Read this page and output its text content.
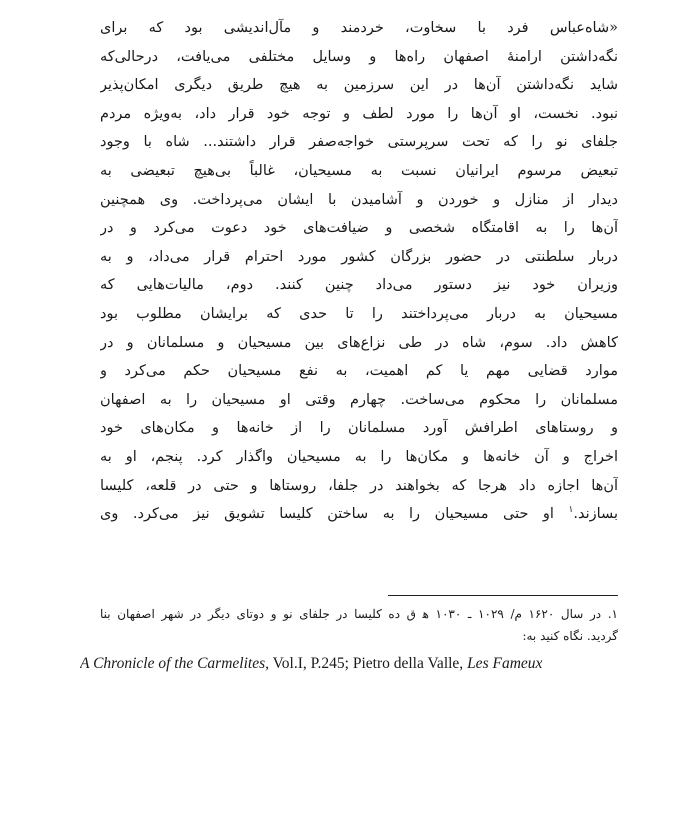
«شاه‌عباس فرد با سخاوت، خردمند و مآل‌اندیشی بود که برای
نگه‌داشتن ارامنهٔ اصفهان راه‌ها و وسایل مختلفی می‌یافت، درحالی‌که
شاید نگه‌داشتن آن‌ها در این سرزمین به هیچ طریق دیگری امکان‌پذیر
نبود. نخست، او آن‌ها را مورد لطف و توجه خود قرار داد، به‌ویژه مردم
جلفای نو را که تحت سرپرستی خواجه‌صفر قرار داشتند... شاه با وجود
تبعیض مرسوم ایرانیان نسبت به مسیحیان، غالباً بی‌هیچ تبعیضی به
دیدار از منازل و خوردن و آشامیدن با ایشان می‌پرداخت. وی همچنین
آن‌ها را به اقامتگاه شخصی و ضیافت‌های خود دعوت می‌کرد و در
دربار سلطنتی در حضور بزرگان کشور مورد احترام قرار می‌داد، و به
وزیران خود نیز دستور می‌داد چنین کنند. دوم، مالیات‌هایی که
مسیحیان به دربار می‌پرداختند را تا حدی که برایشان مطلوب بود
کاهش داد. سوم، شاه در طی نزاع‌های بین مسیحیان و مسلمانان و در
موارد قضایی مهم یا کم اهمیت، به نفع مسیحیان حکم می‌کرد و
مسلمانان را محکوم می‌ساخت. چهارم وقتی او مسیحیان را به اصفهان
و روستاهای اطرافش آورد مسلمانان را از خانه‌ها و مکان‌های خود
اخراج و آن خانه‌ها و مکان‌ها را به مسیحیان واگذار کرد. پنجم، او به
آن‌ها اجازه داد هرجا که بخواهند در جلفا، روستاها و حتی در قلعه، کلیسا
بسازند.$^۱$ او حتی مسیحیان را به ساختن کلیسا تشویق نیز می‌کرد. وی
۱. در سال ۱۶۲۰ م/ ۱۰۲۹ ـ ۱۰۳۰ ﻫ ق ده کلیسا در جلفای نو و دوتای دیگر در شهر اصفهان بنا
گردید. نگاه کنید به:
A Chronicle of the Carmelites, Vol.I, P.245; Pietro della Valle, Les Fameux
